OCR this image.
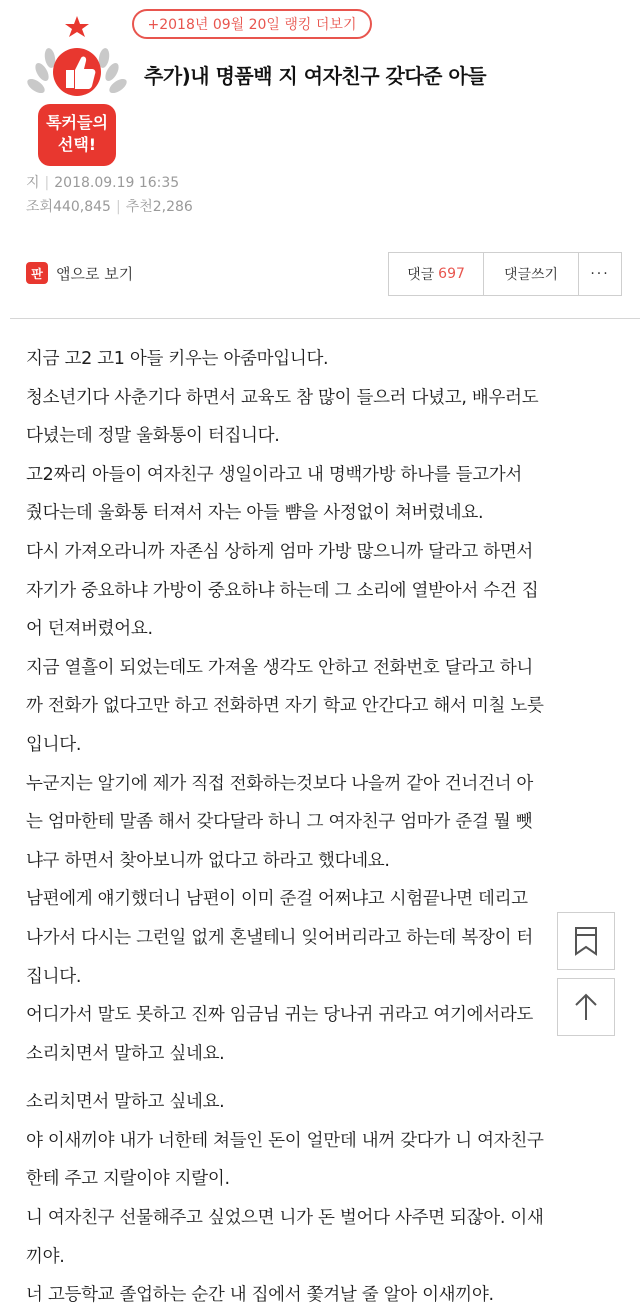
+2018년 09월 20일 랭킹 더보기
톡커들의
선택!
추가)내 명품백 지 여자친구 갖다준 아들
지 | 2018.09.19 16:35
조회440,845 | 추천2,286
판 앱으로 보기	댓글 697	댓글쓰기	···

지금 고2 고1 아들 키우는 아줌마입니다.

청소년기다 사춘기다 하면서 교육도 참 많이 들으러 다녔고, 배우러도

다녔는데 정말 울화통이 터집니다.

고2짜리 아들이 여자친구 생일이라고 내 명백가방 하나를 들고가서

줬다는데 울화통 터져서 자는 아들 뺨을 사정없이 쳐버렸네요.

다시 가져오라니까 자존심 상하게 엄마 가방 많으니까 달라고 하면서

자기가 중요하냐 가방이 중요하냐 하는데 그 소리에 열받아서 수건 집

어 던져버렸어요.

지금 열흘이 되었는데도 가져올 생각도 안하고 전화번호 달라고 하니

까 전화가 없다고만 하고 전화하면 자기 학교 안간다고 해서 미칠 노릇

입니다.

누군지는 알기에 제가 직접 전화하는것보다 나을꺼 같아 건너건너 아

는 엄마한테 말좀 해서 갖다달라 하니 그 여자친구 엄마가 준걸 뭘 뺏

냐구 하면서 찾아보니까 없다고 하라고 했다네요.

남편에게 얘기했더니 남편이 이미 준걸 어쩌냐고 시험끝나면 데리고

나가서 다시는 그런일 없게 혼낼테니 잊어버리라고 하는데 복장이 터

집니다.

어디가서 말도 못하고 진짜 임금님 귀는 당나귀 귀라고 여기에서라도

소리치면서 말하고 싶네요.

소리치면서 말하고 싶네요.

야 이새끼야 내가 너한테 쳐들인 돈이 얼만데 내꺼 갖다가 니 여자친구

한테 주고 지랄이야 지랄이.

니 여자친구 선물해주고 싶었으면 니가 돈 벌어다 사주면 되잖아. 이새

끼야.

너 고등학교 졸업하는 순간 내 집에서 쫓겨날 줄 알아 이새끼야.
